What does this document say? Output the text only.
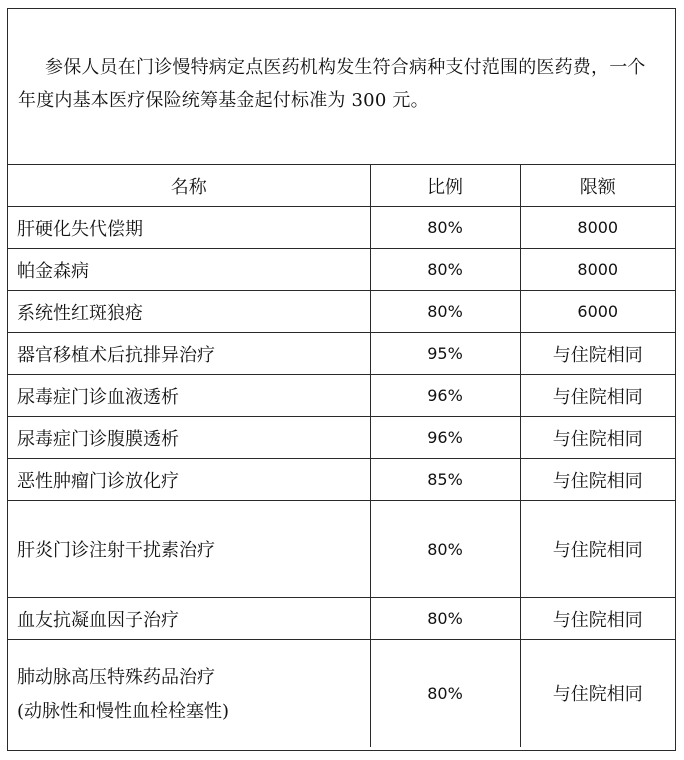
参保人员在门诊慢特病定点医药机构发生符合病种支付范围的医药费，一个年度内基本医疗保险统筹基金起付标准为 300 元。
名称	比例	限额
肝硬化失代偿期	80%	8000
帕金森病	80%	8000
系统性红斑狼疮	80%	6000
器官移植术后抗排异治疗	95%	与住院相同
尿毒症门诊血液透析	96%	与住院相同
尿毒症门诊腹膜透析	96%	与住院相同
恶性肿瘤门诊放化疗	85%	与住院相同
肝炎门诊注射干扰素治疗	80%	与住院相同
血友抗凝血因子治疗	80%	与住院相同
肺动脉高压特殊药品治疗
(动脉性和慢性血栓栓塞性)	80%	与住院相同
